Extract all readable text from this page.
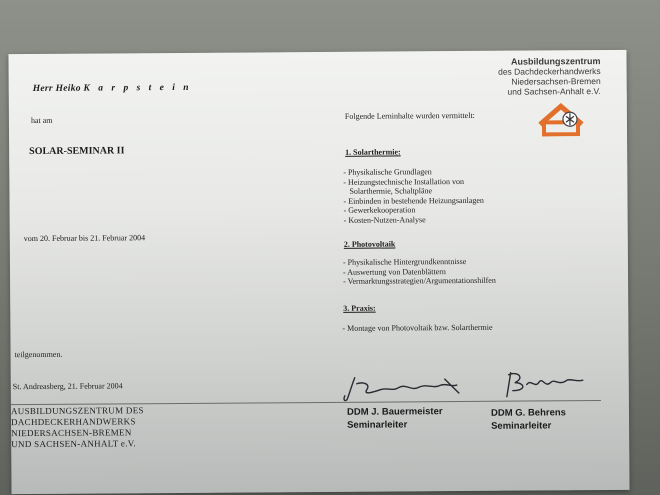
Ausbildungszentrum
des Dachdeckerhandwerks
Niedersachsen-Bremen
und Sachsen-Anhalt e.V.
Herr Heiko K a r p s t e i n
hat am	Folgende Lerninhalte wurden vermittelt:
SOLAR-SEMINAR II
vom 20. Februar bis 21. Februar 2004
1. Solarthermie:
- Physikalische Grundlagen
- Heizungstechnische Installation von
Solarthermie, Schaltpläne
- Einbinden in bestehende Heizungsanlagen
- Gewerkekooperation
- Kosten-Nutzen-Analyse
2. Photovoltaik
- Physikalische Hintergrundkenntnisse
- Auswertung von Datenblättern
- Vermarktungsstrategien/Argumentationshilfen
3. Praxis:
- Montage von Photovoltaik bzw. Solarthermie
teilgenommen.
St. Andreasberg, 21. Februar 2004
AUSBILDUNGSZENTRUM DES
DACHDECKERHANDWERKS
NIEDERSACHSEN-BREMEN
UND SACHSEN-ANHALT e.V.
DDM J. Bauermeister
Seminarleiter
DDM G. Behrens
Seminarleiter
